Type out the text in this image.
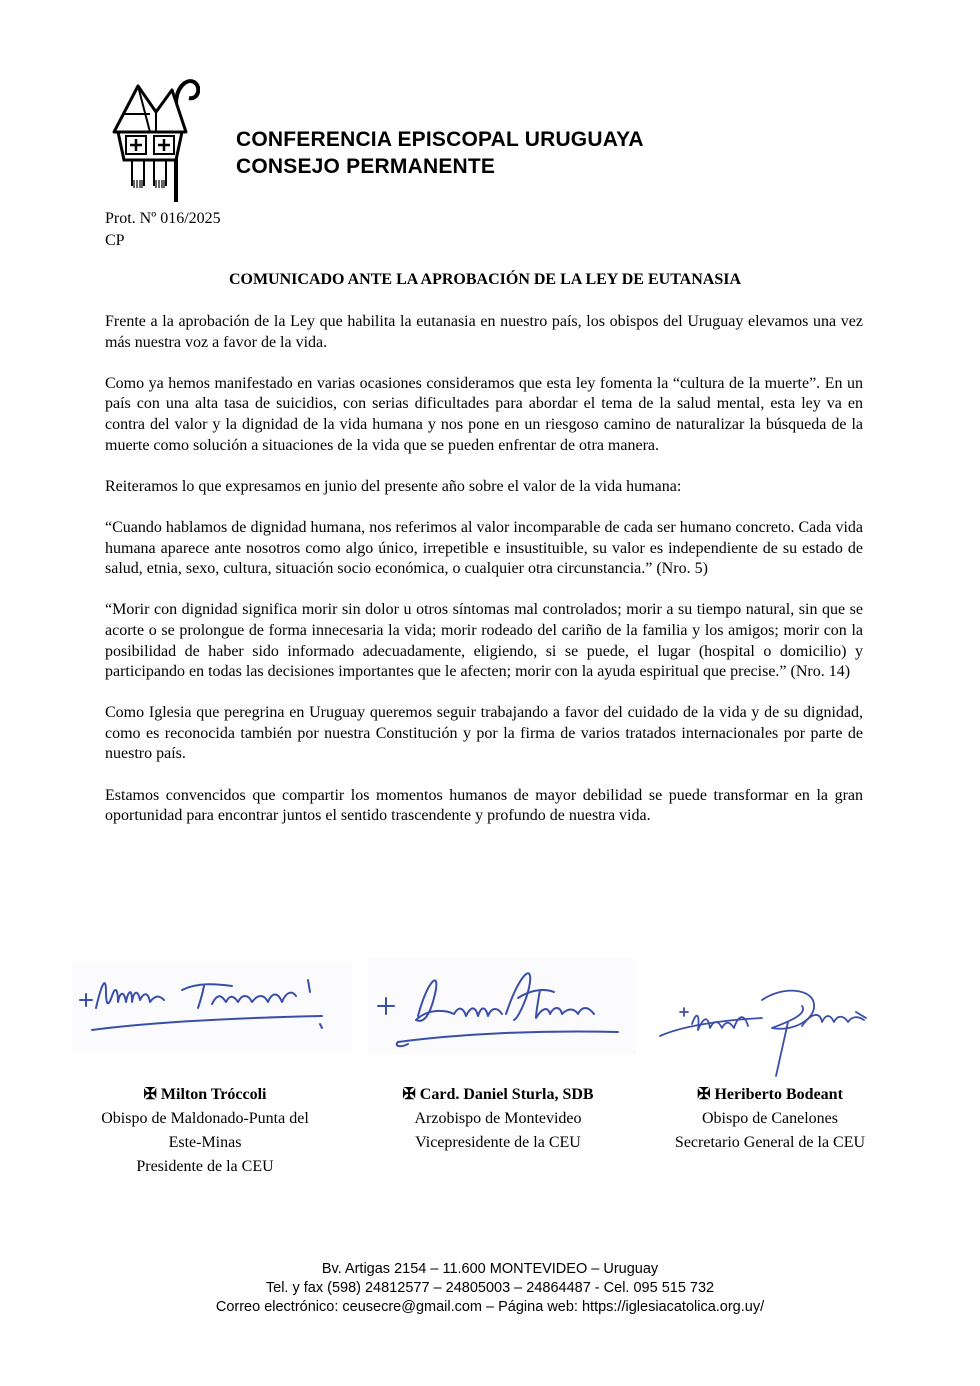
CONFERENCIA EPISCOPAL URUGUAYA
CONSEJO PERMANENTE
Prot. Nº 016/2025
CP
COMUNICADO ANTE LA APROBACIÓN DE LA LEY DE EUTANASIA

Frente a la aprobación de la Ley que habilita la eutanasia en nuestro país, los obispos del Uruguay elevamos una vez más nuestra voz a favor de la vida.

Como ya hemos manifestado en varias ocasiones consideramos que esta ley fomenta la “cultura de la muerte”. En un país con una alta tasa de suicidios, con serias dificultades para abordar el tema de la salud mental, esta ley va en contra del valor y la dignidad de la vida humana y nos pone en un riesgoso camino de naturalizar la búsqueda de la muerte como solución a situaciones de la vida que se pueden enfrentar de otra manera.

Reiteramos lo que expresamos en junio del presente año sobre el valor de la vida humana:

“Cuando hablamos de dignidad humana, nos referimos al valor incomparable de cada ser humano concreto. Cada vida humana aparece ante nosotros como algo único, irrepetible e insustituible, su valor es independiente de su estado de salud, etnia, sexo, cultura, situación socio económica, o cualquier otra circunstancia.” (Nro. 5)

“Morir con dignidad significa morir sin dolor u otros síntomas mal controlados; morir a su tiempo natural, sin que se acorte o se prolongue de forma innecesaria la vida; morir rodeado del cariño de la familia y los amigos; morir con la posibilidad de haber sido informado adecuadamente, eligiendo, si se puede, el lugar (hospital o domicilio) y participando en todas las decisiones importantes que le afecten; morir con la ayuda espiritual que precise.” (Nro. 14)

Como Iglesia que peregrina en Uruguay queremos seguir trabajando a favor del cuidado de la vida y de su dignidad, como es reconocida también por nuestra Constitución y por la firma de varios tratados internacionales por parte de nuestro país.

Estamos convencidos que compartir los momentos humanos de mayor debilidad se puede transformar en la gran oportunidad para encontrar juntos el sentido trascendente y profundo de nuestra vida.

✠ Milton Tróccoli
Obispo de Maldonado-Punta del
Este-Minas
Presidente de la CEU
✠ Card. Daniel Sturla, SDB
Arzobispo de Montevideo
Vicepresidente de la CEU
✠ Heriberto Bodeant
Obispo de Canelones
Secretario General de la CEU
Bv. Artigas 2154 – 11.600 MONTEVIDEO – Uruguay
Tel. y fax (598) 24812577 – 24805003 – 24864487 - Cel. 095 515 732
Correo electrónico: ceusecre@gmail.com – Página web: https://iglesiacatolica.org.uy/
